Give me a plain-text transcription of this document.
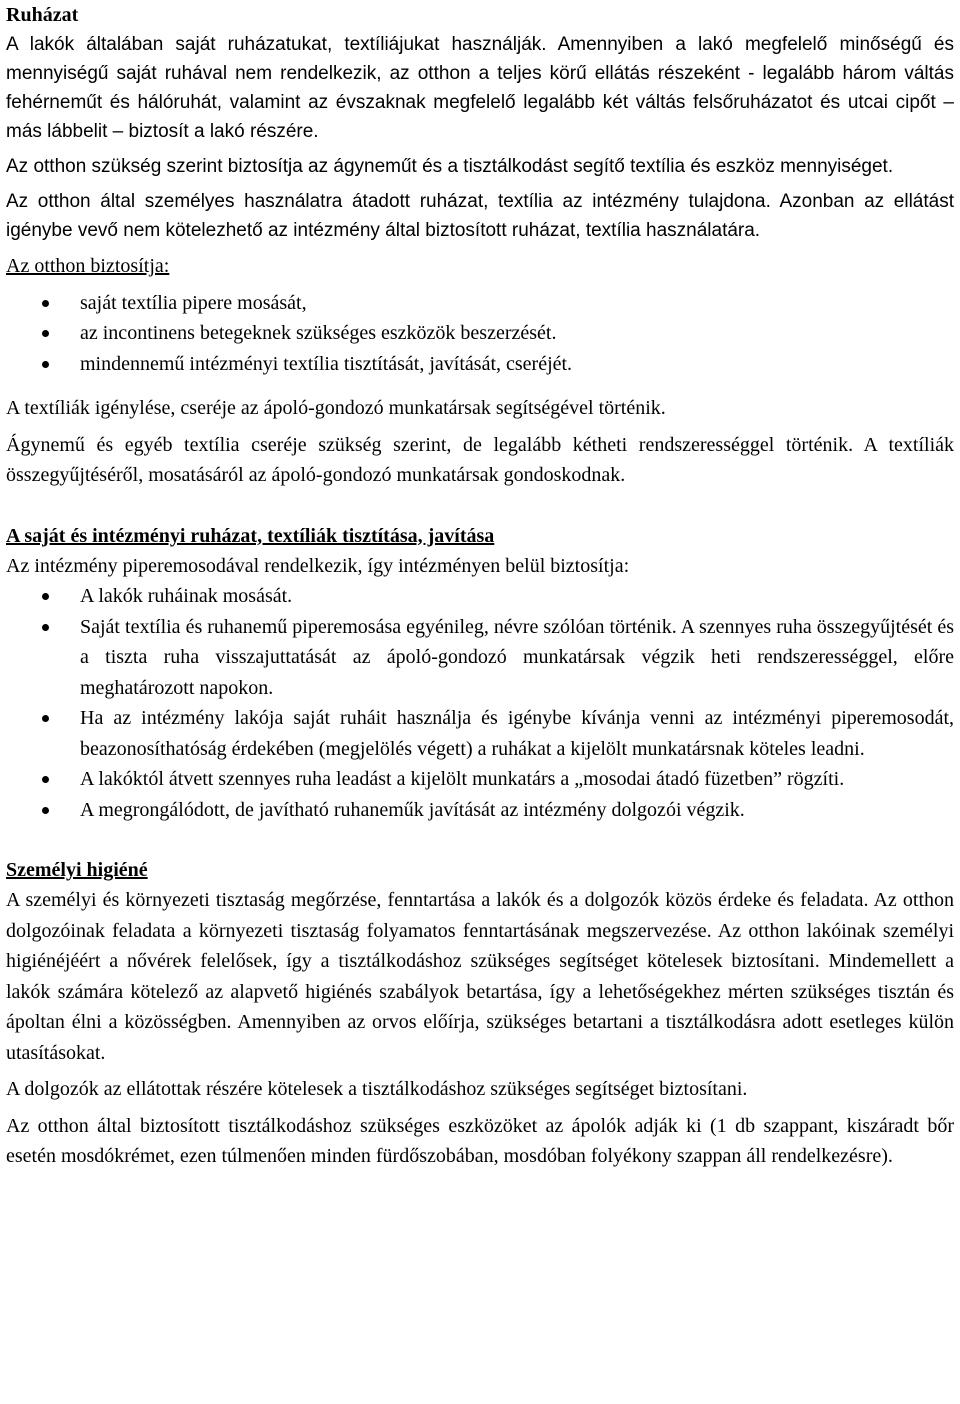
Ruházat

A lakók általában saját ruházatukat, textíliájukat használják. Amennyiben a lakó megfelelő minőségű és mennyiségű saját ruhával nem rendelkezik, az otthon a teljes körű ellátás részeként - legalább három váltás fehérneműt és hálóruhát, valamint az évszaknak megfelelő legalább két váltás felsőruházatot és utcai cipőt – más lábbelit – biztosít a lakó részére.

Az otthon szükség szerint biztosítja az ágyneműt és a tisztálkodást segítő textília és eszköz mennyiséget.

Az otthon által személyes használatra átadott ruházat, textília az intézmény tulajdona. Azonban az ellátást igénybe vevő nem kötelezhető az intézmény által biztosított ruházat, textília használatára.

Az otthon biztosítja:

saját textília pipere mosását,
az incontinens betegeknek szükséges eszközök beszerzését.
mindennemű intézményi textília tisztítását, javítását, cseréjét.

A textíliák igénylése, cseréje az ápoló-gondozó munkatársak segítségével történik.

Ágynemű és egyéb textília cseréje szükség szerint, de legalább kétheti rendszerességgel történik. A textíliák összegyűjtéséről, mosatásáról az ápoló-gondozó munkatársak gondoskodnak.

A saját és intézményi ruházat, textíliák tisztítása, javítása

Az intézmény piperemosodával rendelkezik, így intézményen belül biztosítja:

A lakók ruháinak mosását.
Saját textília és ruhanemű piperemosása egyénileg, névre szólóan történik. A szennyes ruha összegyűjtését és a tiszta ruha visszajuttatását az ápoló-gondozó munkatársak végzik heti rendszerességgel, előre meghatározott napokon.
Ha az intézmény lakója saját ruháit használja és igénybe kívánja venni az intézményi piperemosodát, beazonosíthatóság érdekében (megjelölés végett) a ruhákat a kijelölt munkatársnak köteles leadni.
A lakóktól átvett szennyes ruha leadást a kijelölt munkatárs a „mosodai átadó füzetben” rögzíti.
A megrongálódott, de javítható ruhaneműk javítását az intézmény dolgozói végzik.
Személyi higiéné

A személyi és környezeti tisztaság megőrzése, fenntartása a lakók és a dolgozók közös érdeke és feladata. Az otthon dolgozóinak feladata a környezeti tisztaság folyamatos fenntartásának megszervezése. Az otthon lakóinak személyi higiénéjéért a nővérek felelősek, így a tisztálkodáshoz szükséges segítséget kötelesek biztosítani. Mindemellett a lakók számára kötelező az alapvető higiénés szabályok betartása, így a lehetőségekhez mérten szükséges tisztán és ápoltan élni a közösségben. Amennyiben az orvos előírja, szükséges betartani a tisztálkodásra adott esetleges külön utasításokat.

A dolgozók az ellátottak részére kötelesek a tisztálkodáshoz szükséges segítséget biztosítani.

Az otthon által biztosított tisztálkodáshoz szükséges eszközöket az ápolók adják ki (1 db szappant, kiszáradt bőr esetén mosdókrémet, ezen túlmenően minden fürdőszobában, mosdóban folyékony szappan áll rendelkezésre).
